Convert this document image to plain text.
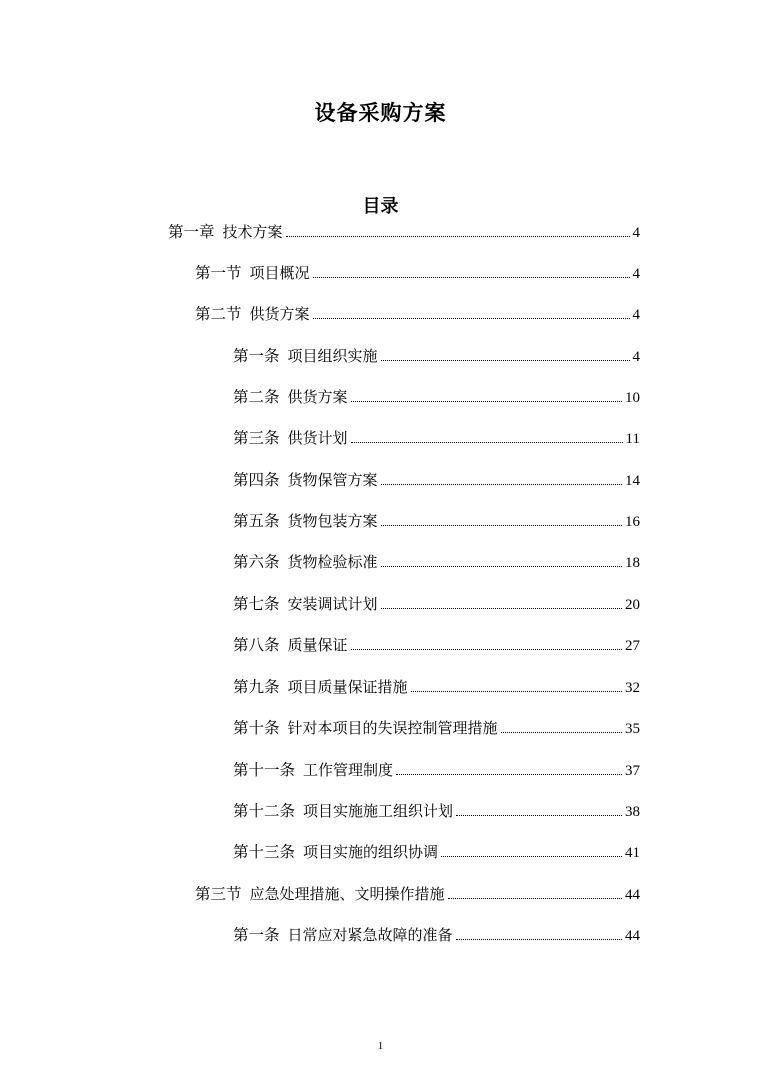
设备采购方案
目录
第一章 技术方案	4
第一节 项目概况	4
第二节 供货方案	4
第一条 项目组织实施	4
第二条 供货方案	10
第三条 供货计划	11
第四条 货物保管方案	14
第五条 货物包装方案	16
第六条 货物检验标准	18
第七条 安装调试计划	20
第八条 质量保证	27
第九条 项目质量保证措施	32
第十条 针对本项目的失误控制管理措施	35
第十一条 工作管理制度	37
第十二条 项目实施施工组织计划	38
第十三条 项目实施的组织协调	41
第三节 应急处理措施、文明操作措施	44
第一条 日常应对紧急故障的准备	44
1
